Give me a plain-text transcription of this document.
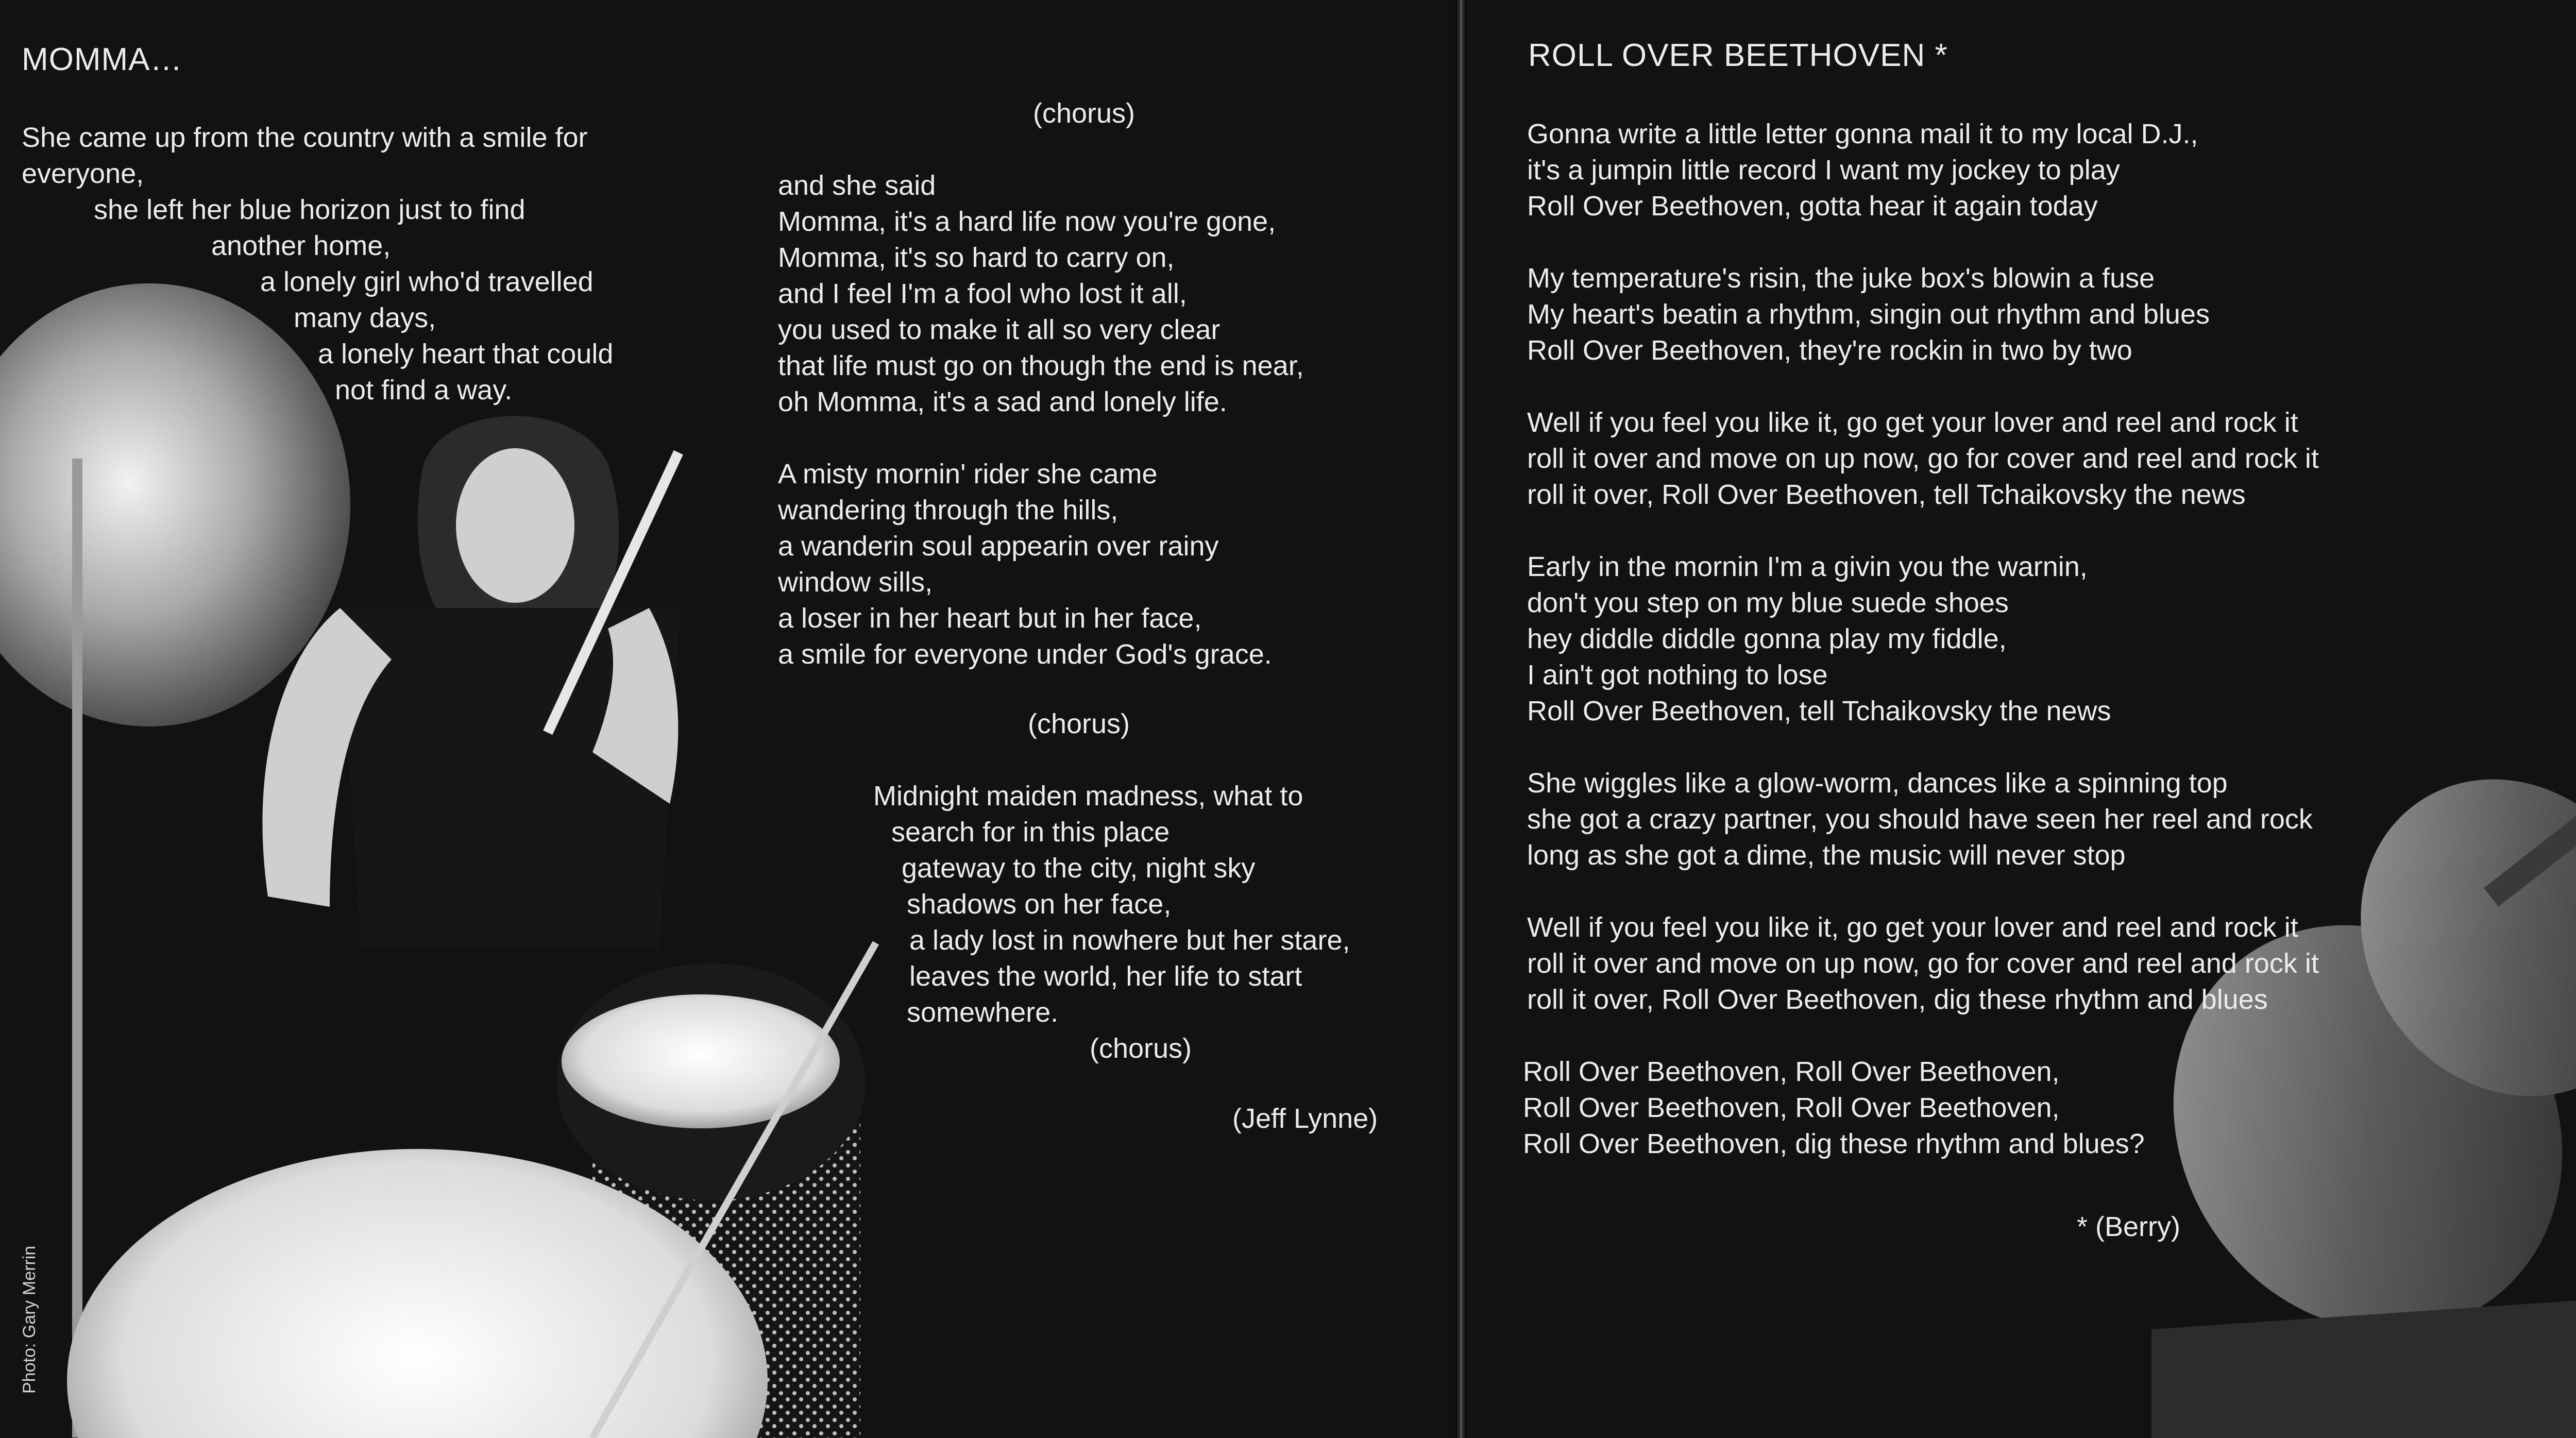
MOMMA…
She came up from the country with a smile for
everyone,
she left her blue horizon just to find
another home,
a lonely girl who'd travelled
many days,
a lonely heart that could
not find a way.
(chorus)
and she said
Momma, it's a hard life now you're gone,
Momma, it's so hard to carry on,
and I feel I'm a fool who lost it all,
you used to make it all so very clear
that life must go on though the end is near,
oh Momma, it's a sad and lonely life.
A misty mornin' rider she came
wandering through the hills,
a wanderin soul appearin over rainy
window sills,
a loser in her heart but in her face,
a smile for everyone under God's grace.
(chorus)
Midnight maiden madness, what to
search for in this place
gateway to the city, night sky
shadows on her face,
a lady lost in nowhere but her stare,
leaves the world, her life to start
somewhere.
(chorus)
(Jeff Lynne)
Photo: Gary Merrin
ROLL OVER BEETHOVEN *
Gonna write a little letter gonna mail it to my local D.J.,
it's a jumpin little record I want my jockey to play
Roll Over Beethoven, gotta hear it again today
My temperature's risin, the juke box's blowin a fuse
My heart's beatin a rhythm, singin out rhythm and blues
Roll Over Beethoven, they're rockin in two by two
Well if you feel you like it, go get your lover and reel and rock it
roll it over and move on up now, go for cover and reel and rock it
roll it over, Roll Over Beethoven, tell Tchaikovsky the news
Early in the mornin I'm a givin you the warnin,
don't you step on my blue suede shoes
hey diddle diddle gonna play my fiddle,
I ain't got nothing to lose
Roll Over Beethoven, tell Tchaikovsky the news
She wiggles like a glow-worm, dances like a spinning top
she got a crazy partner, you should have seen her reel and rock
long as she got a dime, the music will never stop
Well if you feel you like it, go get your lover and reel and rock it
roll it over and move on up now, go for cover and reel and rock it
roll it over, Roll Over Beethoven, dig these rhythm and blues
Roll Over Beethoven, Roll Over Beethoven,
Roll Over Beethoven, Roll Over Beethoven,
Roll Over Beethoven, dig these rhythm and blues?
* (Berry)
